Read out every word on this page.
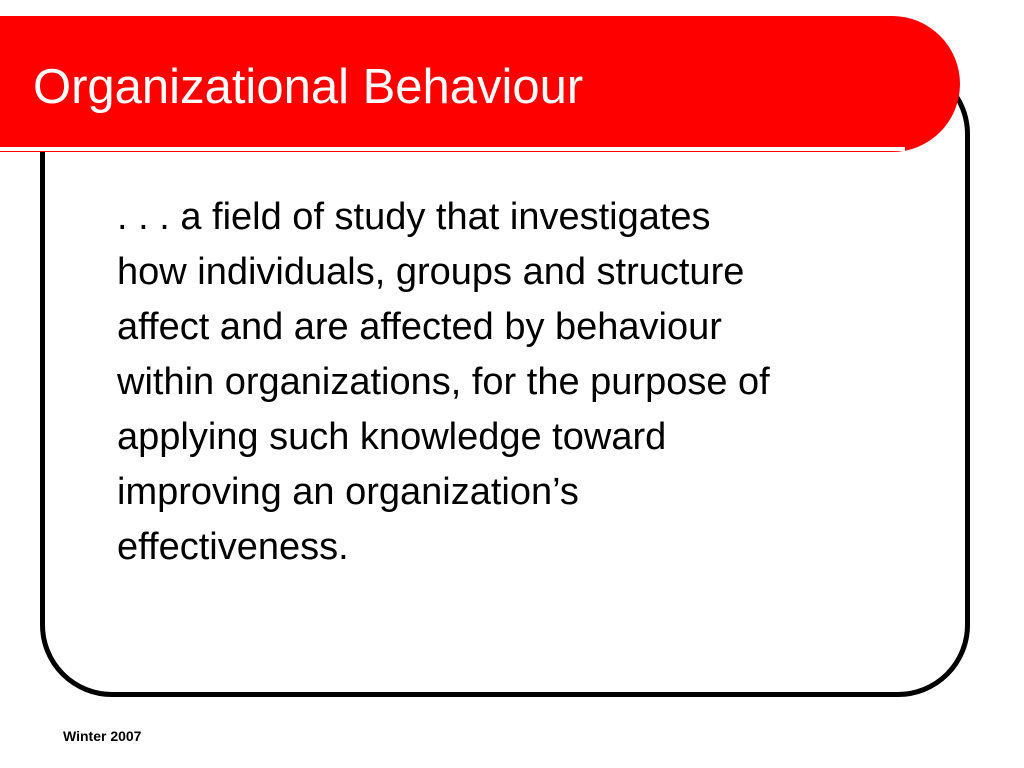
Organizational Behaviour

. . . a field of study that investigates
how individuals, groups and structure
affect and are affected by behaviour
within organizations, for the purpose of
applying such knowledge toward
improving an organization’s
effectiveness.

Winter 2007
